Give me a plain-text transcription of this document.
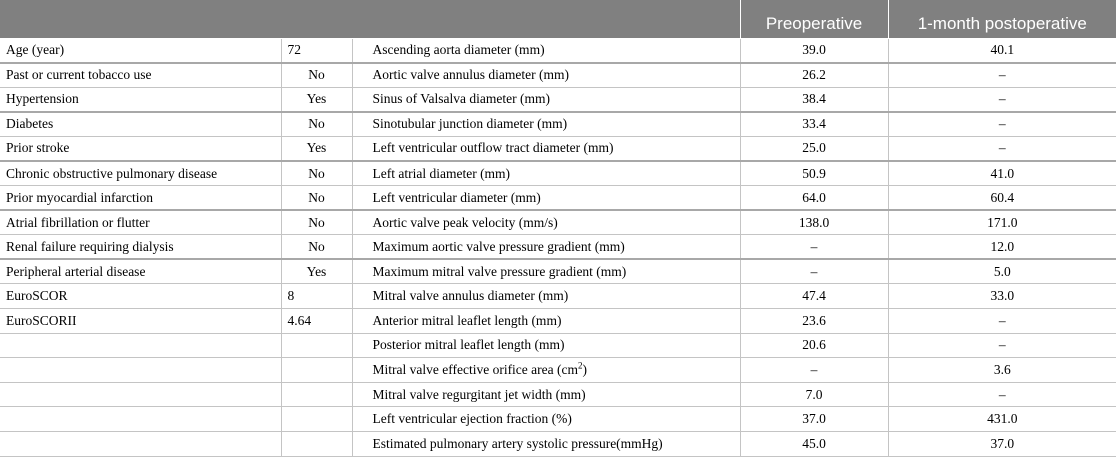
			Preoperative	1-month postoperative
Age (year)	72	Ascending aorta diameter (mm)	39.0	40.1
Past or current tobacco use	No	Aortic valve annulus diameter (mm)	26.2	–
Hypertension	Yes	Sinus of Valsalva diameter (mm)	38.4	–
Diabetes	No	Sinotubular junction diameter (mm)	33.4	–
Prior stroke	Yes	Left ventricular outflow tract diameter (mm)	25.0	–
Chronic obstructive pulmonary disease	No	Left atrial diameter (mm)	50.9	41.0
Prior myocardial infarction	No	Left ventricular diameter (mm)	64.0	60.4
Atrial fibrillation or flutter	No	Aortic valve peak velocity (mm/s)	138.0	171.0
Renal failure requiring dialysis	No	Maximum aortic valve pressure gradient (mm)	–	12.0
Peripheral arterial disease	Yes	Maximum mitral valve pressure gradient (mm)	–	5.0
EuroSCOR	8	Mitral valve annulus diameter (mm)	47.4	33.0
EuroSCORII	4.64	Anterior mitral leaflet length (mm)	23.6	–
		Posterior mitral leaflet length (mm)	20.6	–
		Mitral valve effective orifice area $(cm^2)$	–	3.6
		Mitral valve regurgitant jet width (mm)	7.0	–
		Left ventricular ejection fraction (%)	37.0	431.0
		Estimated pulmonary artery systolic pressure(mmHg)	45.0	37.0
